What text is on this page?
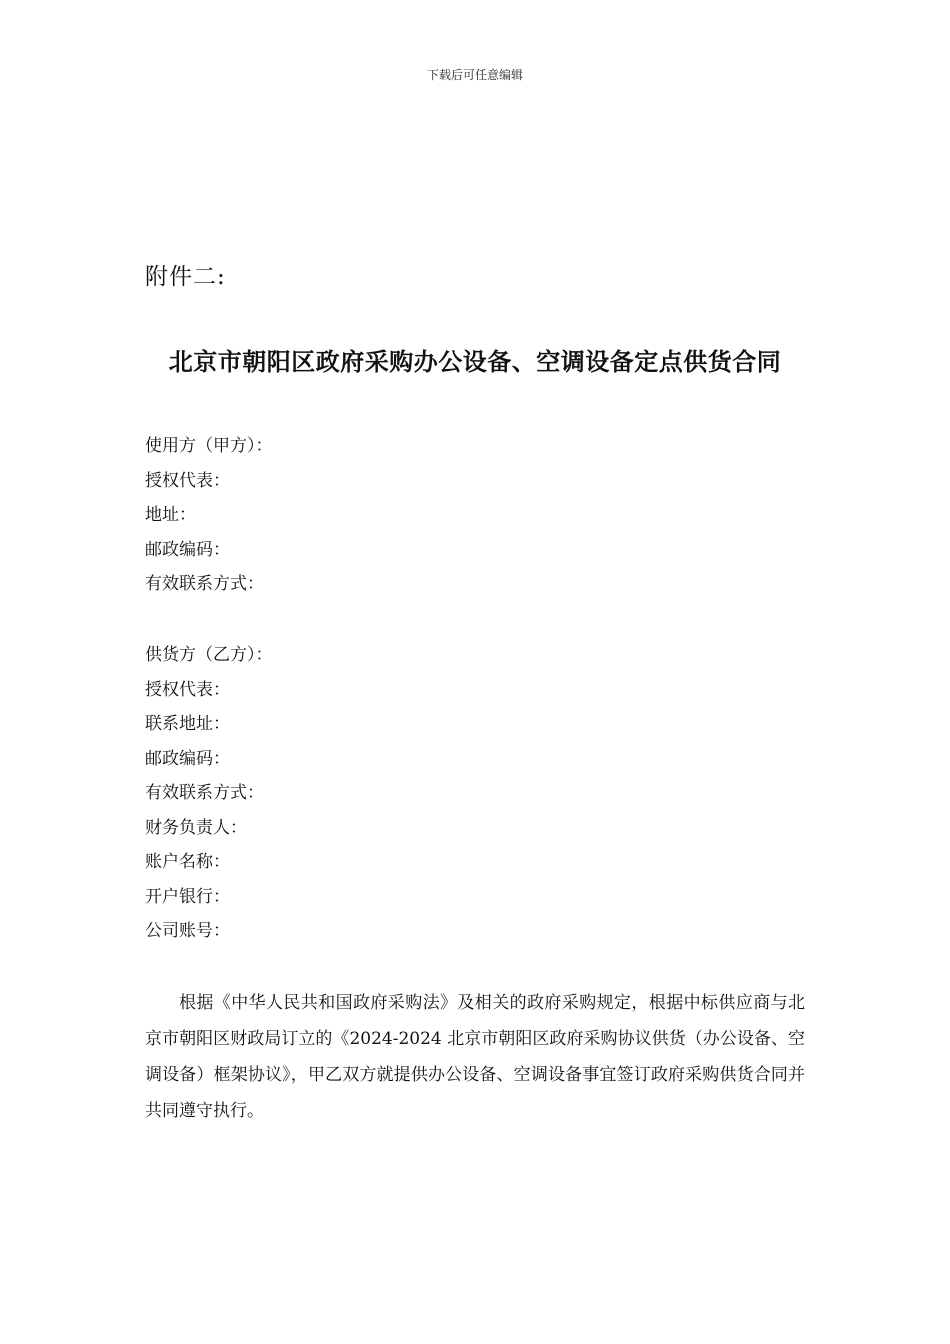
下载后可任意编辑
附件二:
北京市朝阳区政府采购办公设备、空调设备定点供货合同
使用方（甲方）：
授权代表：
地址：
邮政编码：
有效联系方式：
供货方（乙方）：
授权代表：
联系地址：
邮政编码：
有效联系方式：
财务负责人：
账户名称：
开户银行：
公司账号：

根据《中华人民共和国政府采购法》及相关的政府采购规定，根据中标供应商与北京市朝阳区财政局订立的《2024-2024 北京市朝阳区政府采购协议供货（办公设备、空调设备）框架协议》，甲乙双方就提供办公设备、空调设备事宜签订政府采购供货合同并共同遵守执行。
